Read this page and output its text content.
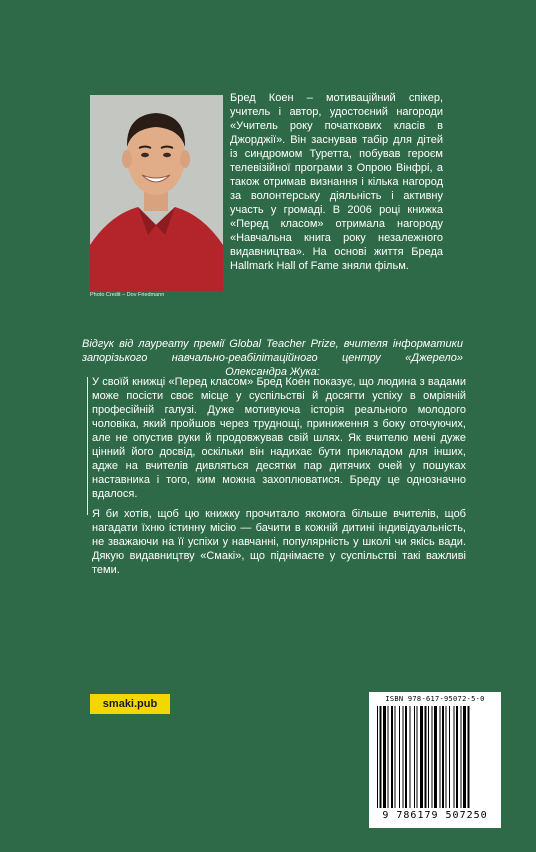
Photo Credit – Dov Friedmann
Бред Коен – мотиваційний спікер, учитель і автор, удостоєний нагороди «Учитель року початкових класів в Джорджії». Він заснував табір для дітей із синдромом Туретта, побував героєм телевізійної програми з Опрою Вінфрі, а також отримав визнання і кілька нагород за волонтерську діяльність і активну участь у громаді. В 2006 році книжка «Перед класом» отримала нагороду «Навчальна книга року незалежного видавництва». На основі життя Бреда Hallmark Hall of Fame зняли фільм.
Відгук від лауреату премії Global Teacher Prize, вчителя інформатики запорізького навчально-реабілітаційного центру «Джерело» Олександра Жука:

У своїй книжці «Перед класом» Бред Коен показує, що людина з вадами може посісти своє місце у суспільстві й досягти успіху в омріяній професійній галузі. Дуже мотивуюча історія реального молодого чоловіка, який пройшов через труднощі, приниження з боку оточуючих, але не опустив руки й продовжував свій шлях. Як вчителю мені дуже цінний його досвід, оскільки він надихає бути прикладом для інших, адже на вчителів дивляться десятки пар дитячих очей у пошуках наставника і того, ким можна захоплюватися. Бреду це однозначно вдалося.

Я би хотів, щоб цю книжку прочитало якомога більше вчителів, щоб нагадати їхню істинну місію — бачити в кожній дитині індивідуальність, не зважаючи на її успіхи у навчанні, популярність у школі чи якісь вади. Дякую видавництву «Смакі», що піднімаєте у суспільстві такі важливі теми.

smaki.pub	ISBN 978-617-95072-5-0
9 786179 507250
